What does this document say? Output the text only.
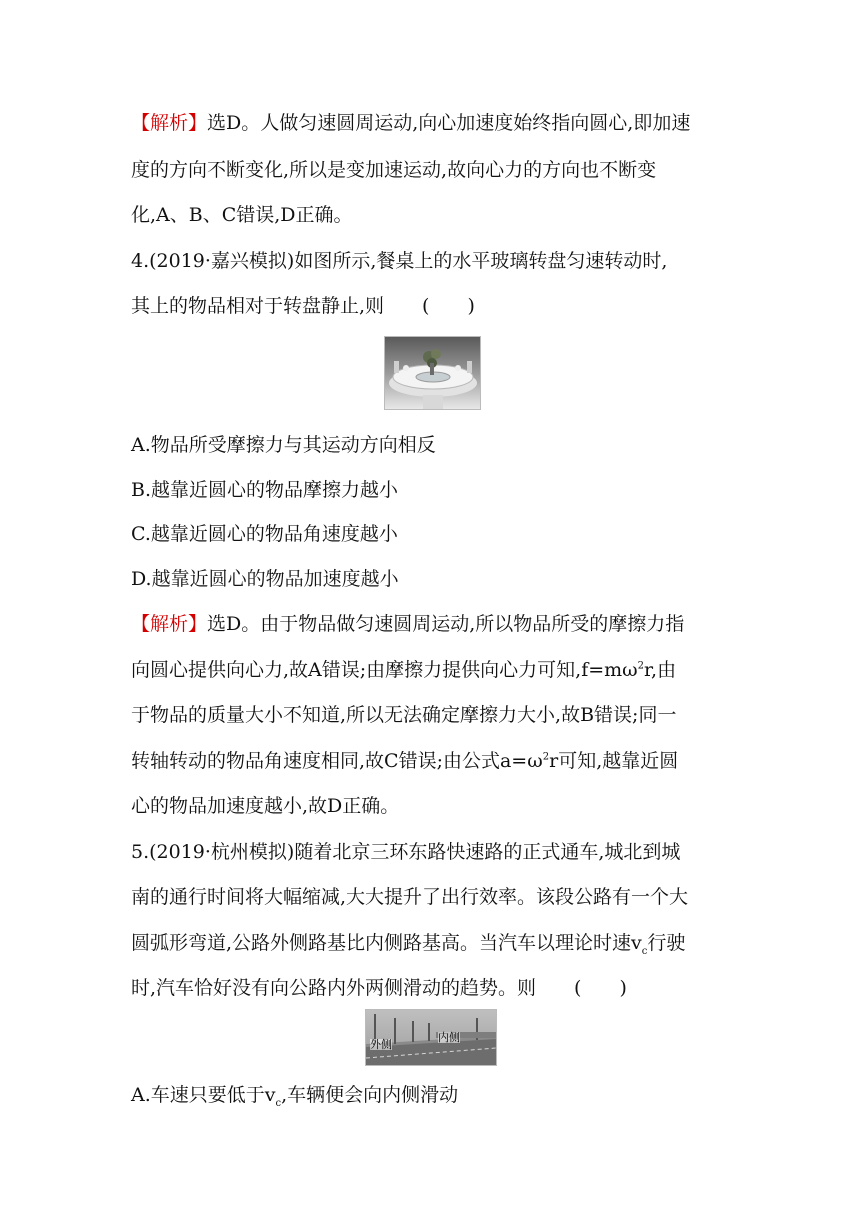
【解析】选D。人做匀速圆周运动,向心加速度始终指向圆心,即加速
度的方向不断变化,所以是变加速运动,故向心力的方向也不断变
化,A、B、C错误,D正确。
4.(2019·嘉兴模拟)如图所示,餐桌上的水平玻璃转盘匀速转动时,
其上的物品相对于转盘静止,则　　(　　)
A.物品所受摩擦力与其运动方向相反
B.越靠近圆心的物品摩擦力越小
C.越靠近圆心的物品角速度越小
D.越靠近圆心的物品加速度越小
【解析】选D。由于物品做匀速圆周运动,所以物品所受的摩擦力指
向圆心提供向心力,故A错误;由摩擦力提供向心力可知$,f=m\omega^2r$,由
于物品的质量大小不知道,所以无法确定摩擦力大小,故B错误;同一
转轴转动的物品角速度相同,故C错误;由公式$a=\omega^2r$可知,越靠近圆
心的物品加速度越小,故D正确。
5.(2019·杭州模拟)随着北京三环东路快速路的正式通车,城北到城
南的通行时间将大幅缩减,大大提升了出行效率。该段公路有一个大
圆弧形弯道,公路外侧路基比内侧路基高。当汽车以理论时速$v_c$行驶
时,汽车恰好没有向公路内外两侧滑动的趋势。则　　(　　)
外侧
内侧
A.车速只要低于$v_c$,车辆便会向内侧滑动
